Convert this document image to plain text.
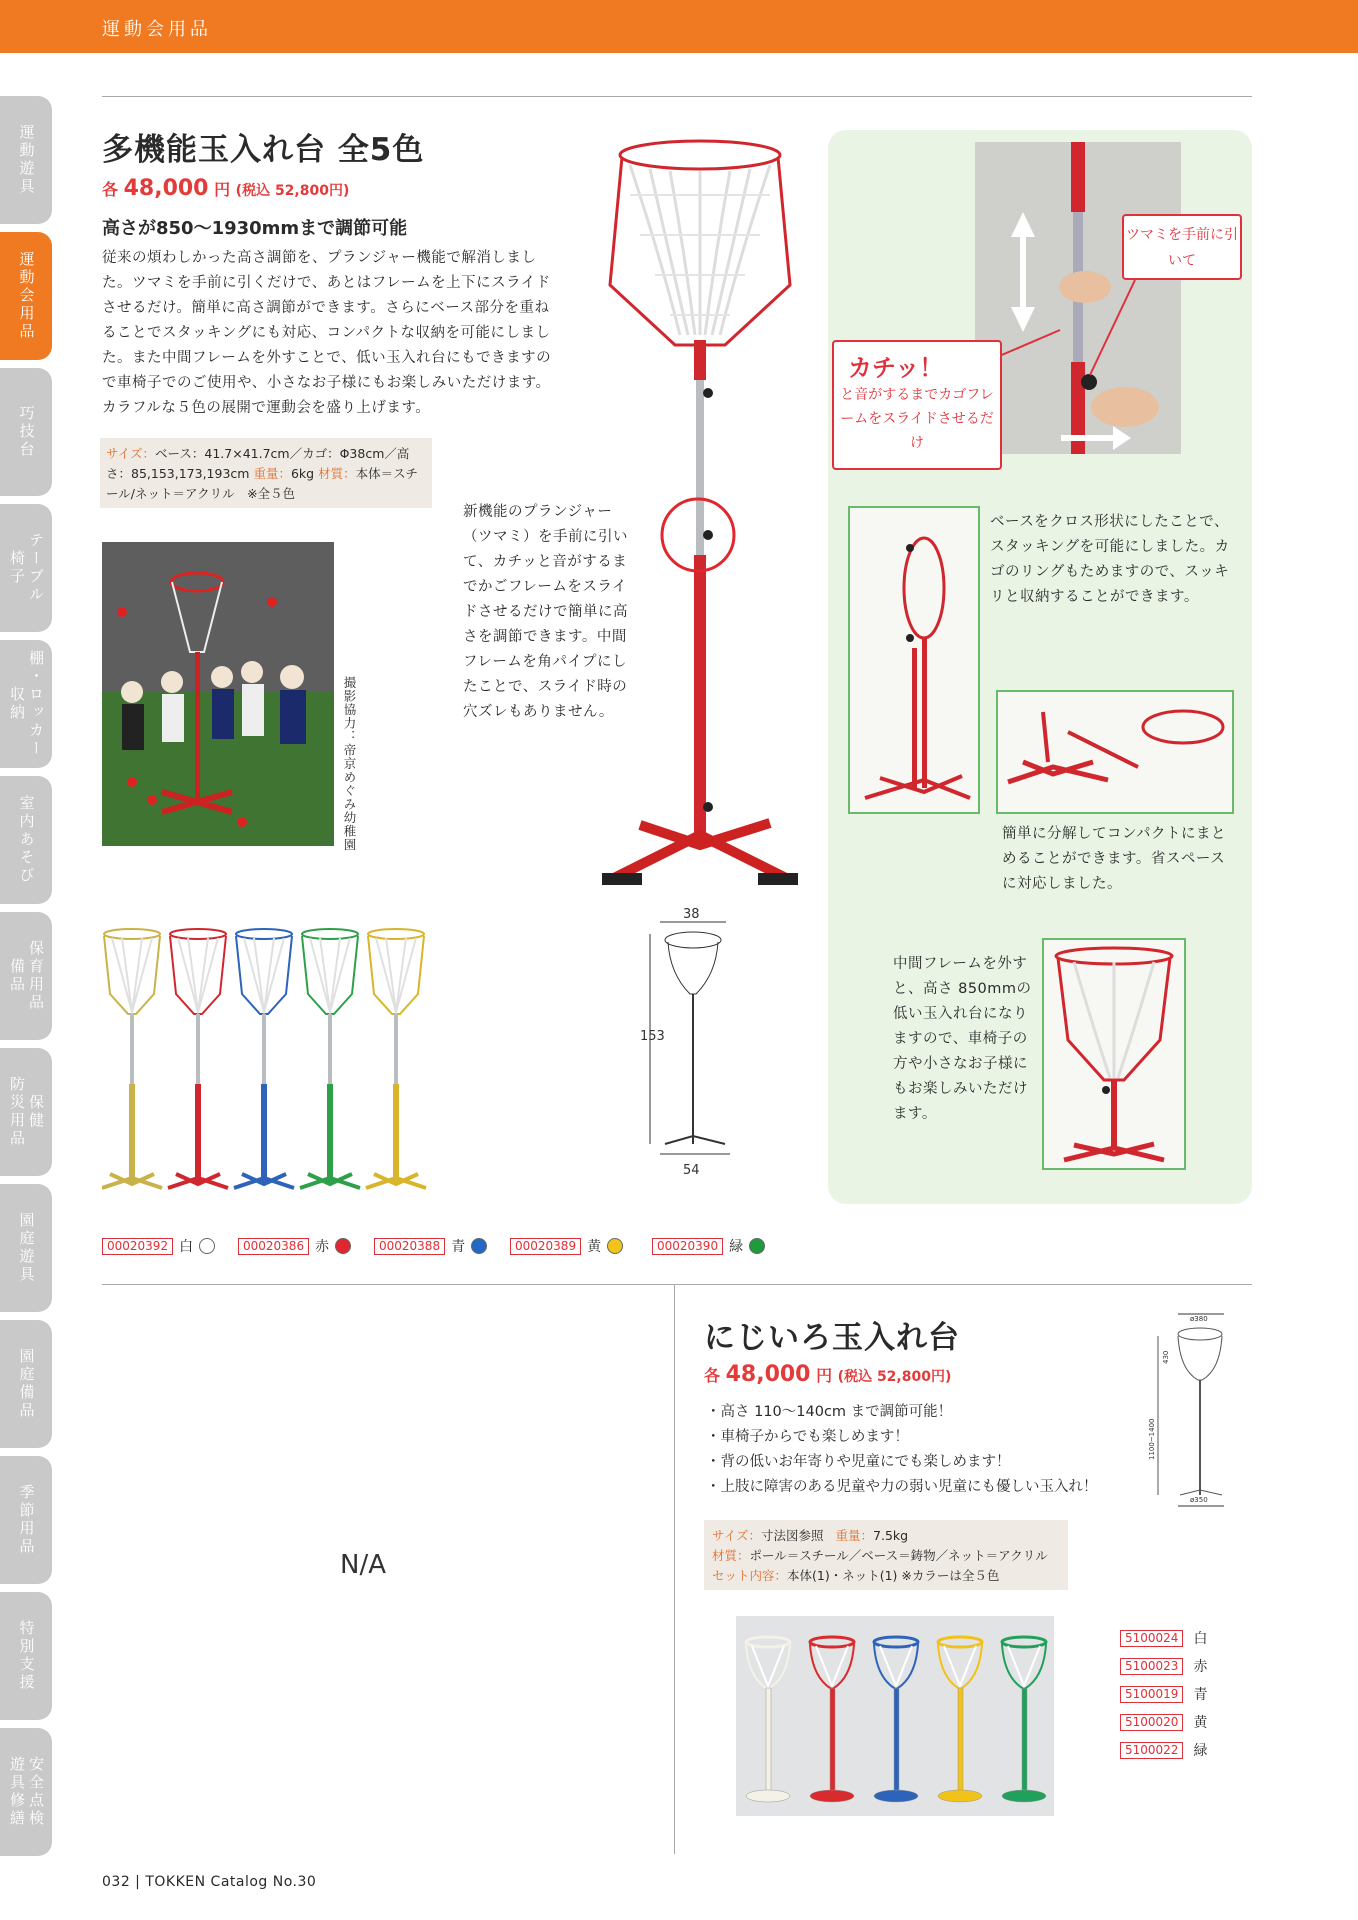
運動会用品
運動遊具
運動会用品
巧技台
テーブル
椅子
棚・ロッカー
収納
室内あそび
保育用品
備品
保健
防災用品
園庭遊具
園庭備品
季節用品
特別支援
安全点検
遊具修繕
多機能玉入れ台 全5色
各 48,000 円 (税込 52,800円)
高さが850〜1930mmまで調節可能
従来の煩わしかった高さ調節を、プランジャー機能で解消しました。ツマミを手前に引くだけで、あとはフレームを上下にスライドさせるだけ。簡単に高さ調節ができます。さらにベース部分を重ねることでスタッキングにも対応、コンパクトな収納を可能にしました。また中間フレームを外すことで、低い玉入れ台にもできますので車椅子でのご使用や、小さなお子様にもお楽しみいただけます。カラフルな５色の展開で運動会を盛り上げます。
サイズ：ベース：41.7×41.7cm／カゴ：Φ38cm／高さ：85,153,173,193cm 重量：6kg 材質：本体＝スチール/ネット＝アクリル　※全５色
撮影協力：帝京めぐみ幼稚園
新機能のプランジャー（ツマミ）を手前に引いて、カチッと音がするまでかごフレームをスライドさせるだけで簡単に高さを調節できます。中間フレームを角パイプにしたことで、スライド時の穴ズレもありません。
38
153
54
ツマミを手前に引いて
カチッ！
と音がするまでカゴフレームをスライドさせるだけ
ベースをクロス形状にしたことで、スタッキングを可能にしました。カゴのリングもためますので、スッキリと収納することができます。
簡単に分解してコンパクトにまとめることができます。省スペースに対応しました。
中間フレームを外すと、高さ 850mmの低い玉入れ台になりますので、車椅子の方や小さなお子様にもお楽しみいただけます。
00020392 白	00020386 赤	00020388 青	00020389 黄	00020390 緑
N/A
にじいろ玉入れ台
各 48,000 円 (税込 52,800円)
・高さ 110〜140cm まで調節可能！
・車椅子からでも楽しめます！
・背の低いお年寄りや児童にでも楽しめます！
・上肢に障害のある児童や力の弱い児童にも優しい玉入れ！
サイズ：寸法図参照 重量：7.5kg
材質：ポール＝スチール／ベース＝鋳物／ネット＝アクリル
セット内容：本体(1)・ネット(1) ※カラーは全５色
ø380
430
1100~1400
ø350
5100024	白
5100023	赤
5100019	青
5100020	黄
5100022	緑
032 | TOKKEN Catalog No.30
